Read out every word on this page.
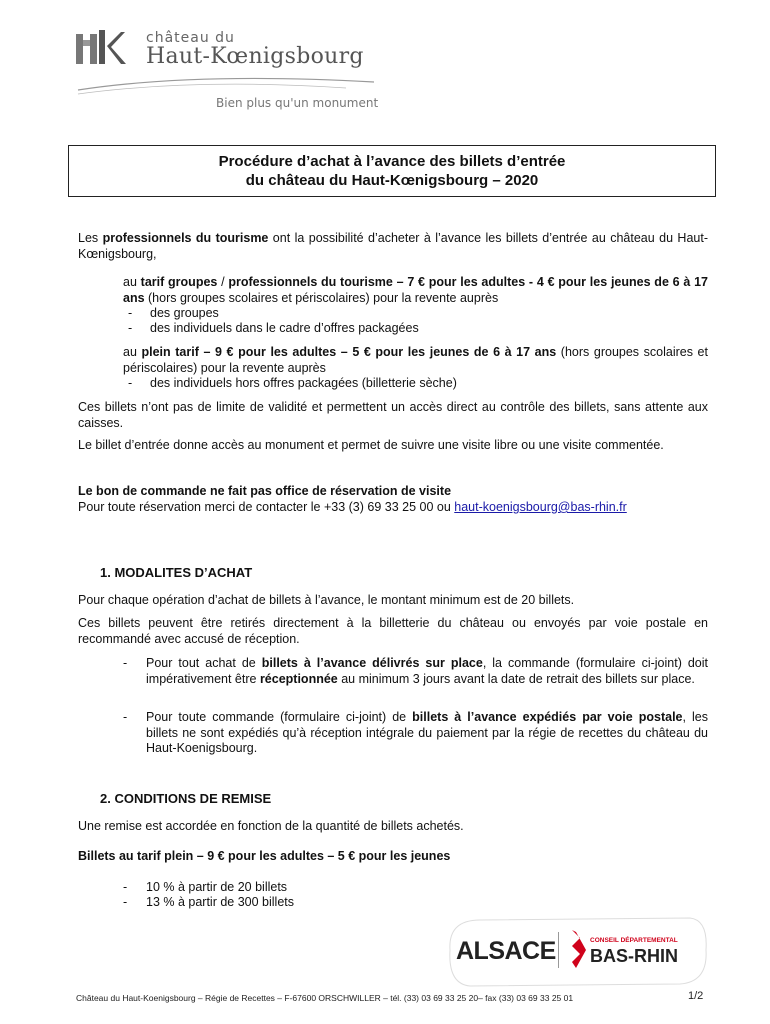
château du
Haut-Kœnigsbourg
Bien plus qu'un monument
Procédure d’achat à l’avance des billets d’entrée
du château du Haut-Kœnigsbourg – 2020
Les professionnels du tourisme ont la possibilité d’acheter à l’avance les billets d’entrée au château du Haut-Kœnigsbourg,
au tarif groupes / professionnels du tourisme – 7 € pour les adultes - 4 € pour les jeunes de 6 à 17 ans (hors groupes scolaires et périscolaires) pour la revente auprès
- des groupes
- des individuels dans le cadre d’offres packagées
au plein tarif – 9 € pour les adultes – 5 € pour les jeunes de 6 à 17 ans (hors groupes scolaires et périscolaires) pour la revente auprès
- des individuels hors offres packagées (billetterie sèche)
Ces billets n’ont pas de limite de validité et permettent un accès direct au contrôle des billets, sans attente aux caisses.
Le billet d’entrée donne accès au monument et permet de suivre une visite libre ou une visite commentée.
Le bon de commande ne fait pas office de réservation de visite
Pour toute réservation merci de contacter le +33 (3) 69 33 25 00 ou haut-koenigsbourg@bas-rhin.fr
1. MODALITES D’ACHAT
Pour chaque opération d’achat de billets à l’avance, le montant minimum est de 20 billets.
Ces billets peuvent être retirés directement à la billetterie du château ou envoyés par voie postale en recommandé avec accusé de réception.
- Pour tout achat de billets à l’avance délivrés sur place, la commande (formulaire ci-joint) doit impérativement être réceptionnée au minimum 3 jours avant la date de retrait des billets sur place.
- Pour toute commande (formulaire ci-joint) de billets à l’avance expédiés par voie postale, les billets ne sont expédiés qu’à réception intégrale du paiement par la régie de recettes du château du Haut-Koenigsbourg.
2. CONDITIONS DE REMISE
Une remise est accordée en fonction de la quantité de billets achetés.
Billets au tarif plein – 9 € pour les adultes – 5 € pour les jeunes
- 10 % à partir de 20 billets
- 13 % à partir de 300 billets
ALSACE	CONSEIL DÉPARTEMENTAL
BAS-RHIN
Château du Haut-Koenigsbourg – Régie de Recettes – F-67600 ORSCHWILLER – tél. (33) 03 69 33 25 20– fax (33) 03 69 33 25 01	1/2
